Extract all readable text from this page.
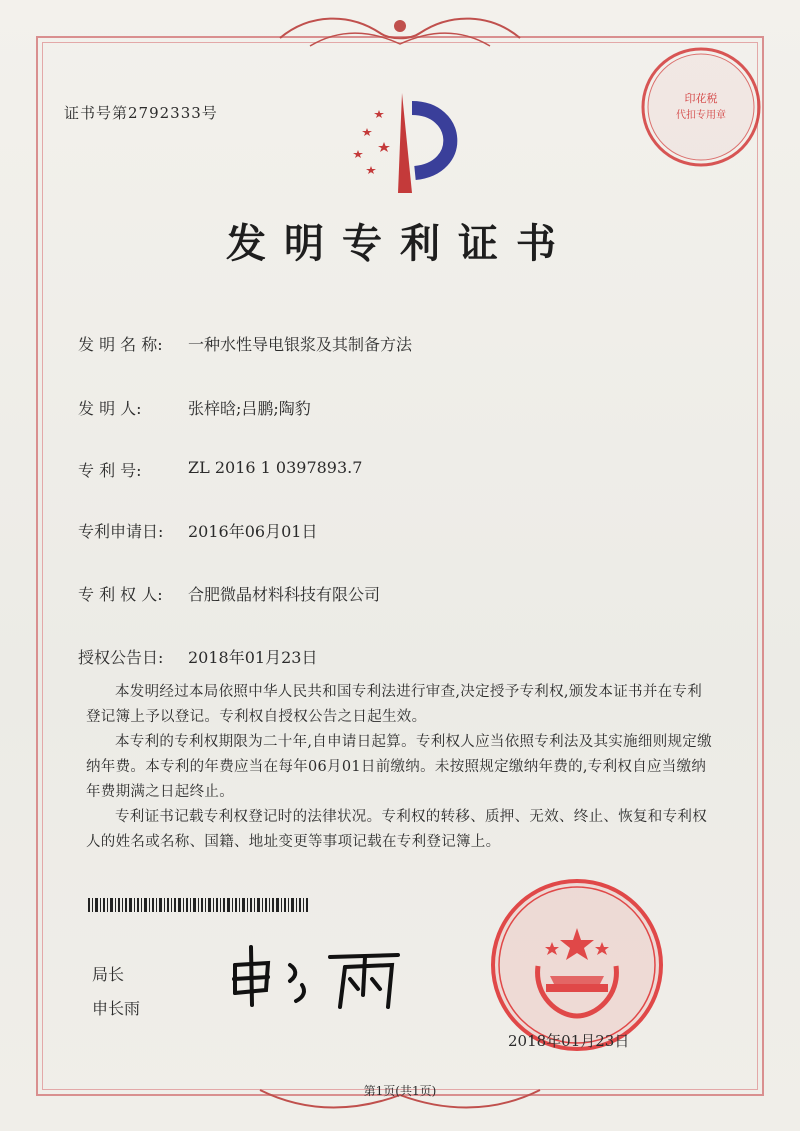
证书号第2792333号
发明专利证书
发 明 名 称:	一种水性导电银浆及其制备方法
发 明 人:	张梓晗;吕鹏;陶豹
专 利 号:	ZL 2016 1 0397893.7
专利申请日:	2016年06月01日
专 利 权 人:	合肥微晶材料科技有限公司
授权公告日:	2018年01月23日

本发明经过本局依照中华人民共和国专利法进行审查,决定授予专利权,颁发本证书并在专利登记簿上予以登记。专利权自授权公告之日起生效。

本专利的专利权期限为二十年,自申请日起算。专利权人应当依照专利法及其实施细则规定缴纳年费。本专利的年费应当在每年06月01日前缴纳。未按照规定缴纳年费的,专利权自应当缴纳年费期满之日起终止。

专利证书记载专利权登记时的法律状况。专利权的转移、质押、无效、终止、恢复和专利权人的姓名或名称、国籍、地址变更等事项记载在专利登记簿上。

局长
申长雨
印花税
代扣专用章
2018年01月23日
第1页(共1页)
